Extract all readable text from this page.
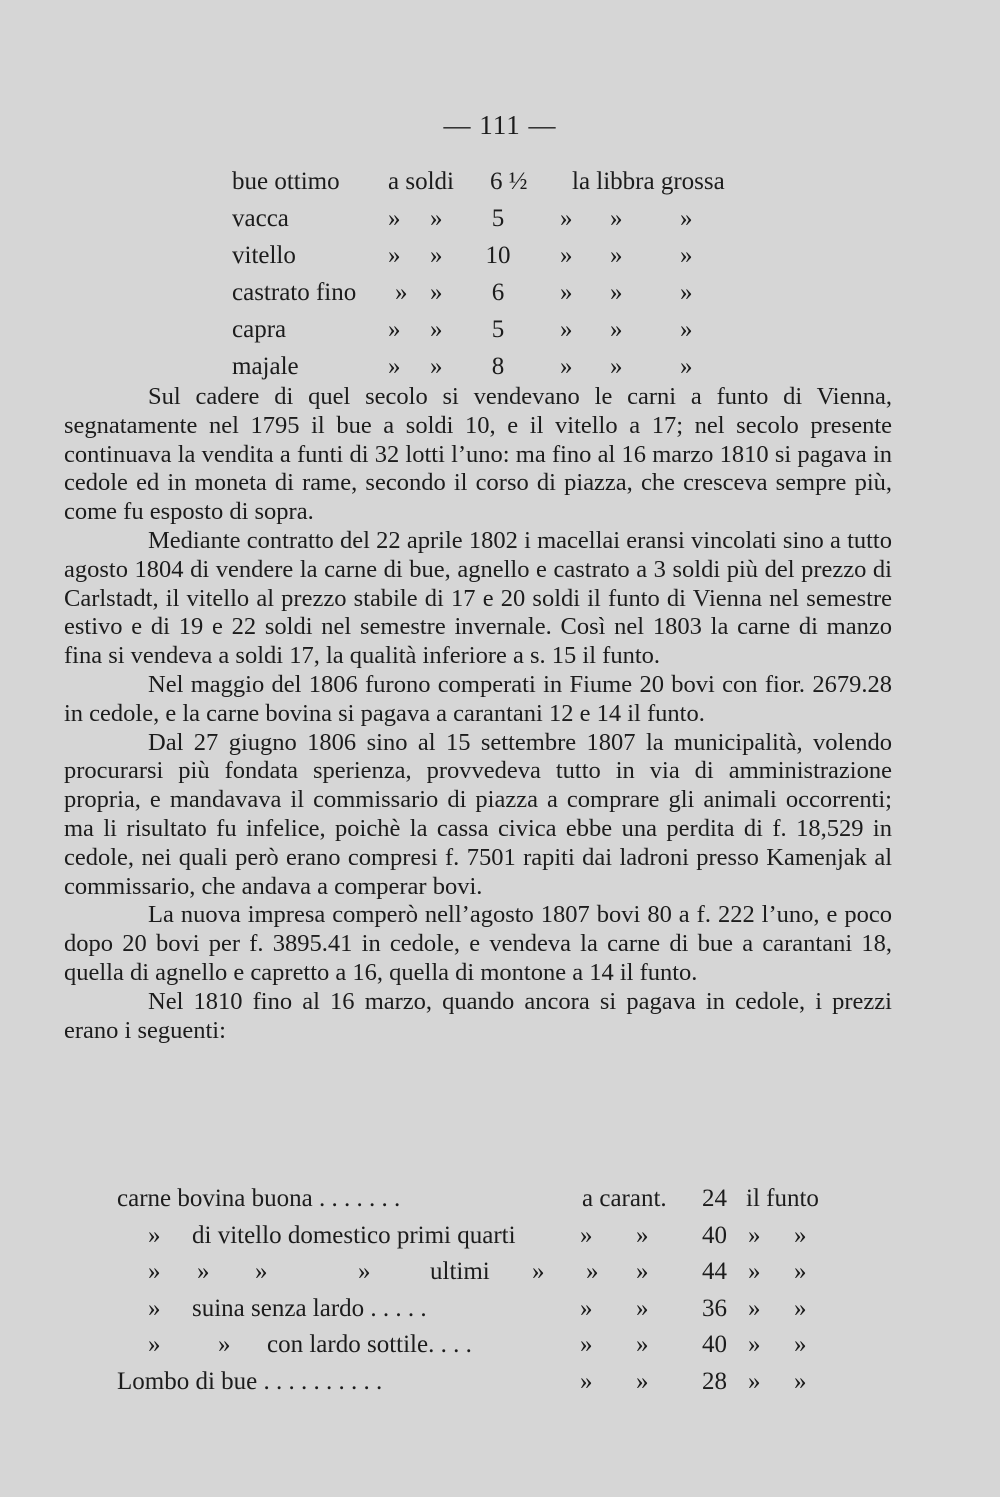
— 111 —
bue ottimo a soldi 6 ½ la libbra grossa
vacca	» »	5	» » »
vitello	» » 10 » » »
castrato fino » »	6	» » »
capra	» »	5	» » »
majale	» »	8	» » »

Sul cadere di quel secolo si vendevano le carni a funto di Vienna, segnatamente nel 1795 il bue a soldi 10, e il vitello a 17; nel secolo presente continuava la vendita a funti di 32 lotti l’uno: ma fino al 16 marzo 1810 si pagava in cedole ed in moneta di rame, secondo il corso di piazza, che cresceva sempre più, come fu esposto di sopra.

Mediante contratto del 22 aprile 1802 i macellai eransi vincolati sino a tutto agosto 1804 di vendere la carne di bue, agnello e castrato a 3 soldi più del prezzo di Carlstadt, il vitello al prezzo stabile di 17 e 20 soldi il funto di Vienna nel semestre estivo e di 19 e 22 soldi nel semestre invernale. Così nel 1803 la carne di manzo fina si vendeva a soldi 17, la qualità inferiore a s. 15 il funto.

Nel maggio del 1806 furono comperati in Fiume 20 bovi con fior. 2679.28 in cedole, e la carne bovina si pagava a carantani 12 e 14 il funto.

Dal 27 giugno 1806 sino al 15 settembre 1807 la municipalità, volendo procurarsi più fondata sperienza, provvedeva tutto in via di amministrazione propria, e mandavava il commissario di piazza a comprare gli animali occorrenti; ma li risultato fu infelice, poichè la cassa civica ebbe una perdita di f. 18,529 in cedole, nei quali però erano compresi f. 7501 rapiti dai ladroni presso Kamenjak al commissario, che andava a comperar bovi.

La nuova impresa comperò nell’agosto 1807 bovi 80 a f. 222 l’uno, e poco dopo 20 bovi per f. 3895.41 in cedole, e vendeva la carne di bue a carantani 18, quella di agnello e capretto a 16, quella di montone a 14 il funto.

Nel 1810 fino al 16 marzo, quando ancora si pagava in cedole, i prezzi erano i seguenti:

carne bovina buona . . . . . . .	a carant. 24 il funto
» di vitello domestico primi quarti	» » 40 » »
» » »	» ultimi » » » 44 » »
» suina senza lardo . . . . .	» » 36 » »
» » con lardo sottile. . . .	» » 40 » »
Lombo di bue . . . . . . . . . .	» » 28 » »
